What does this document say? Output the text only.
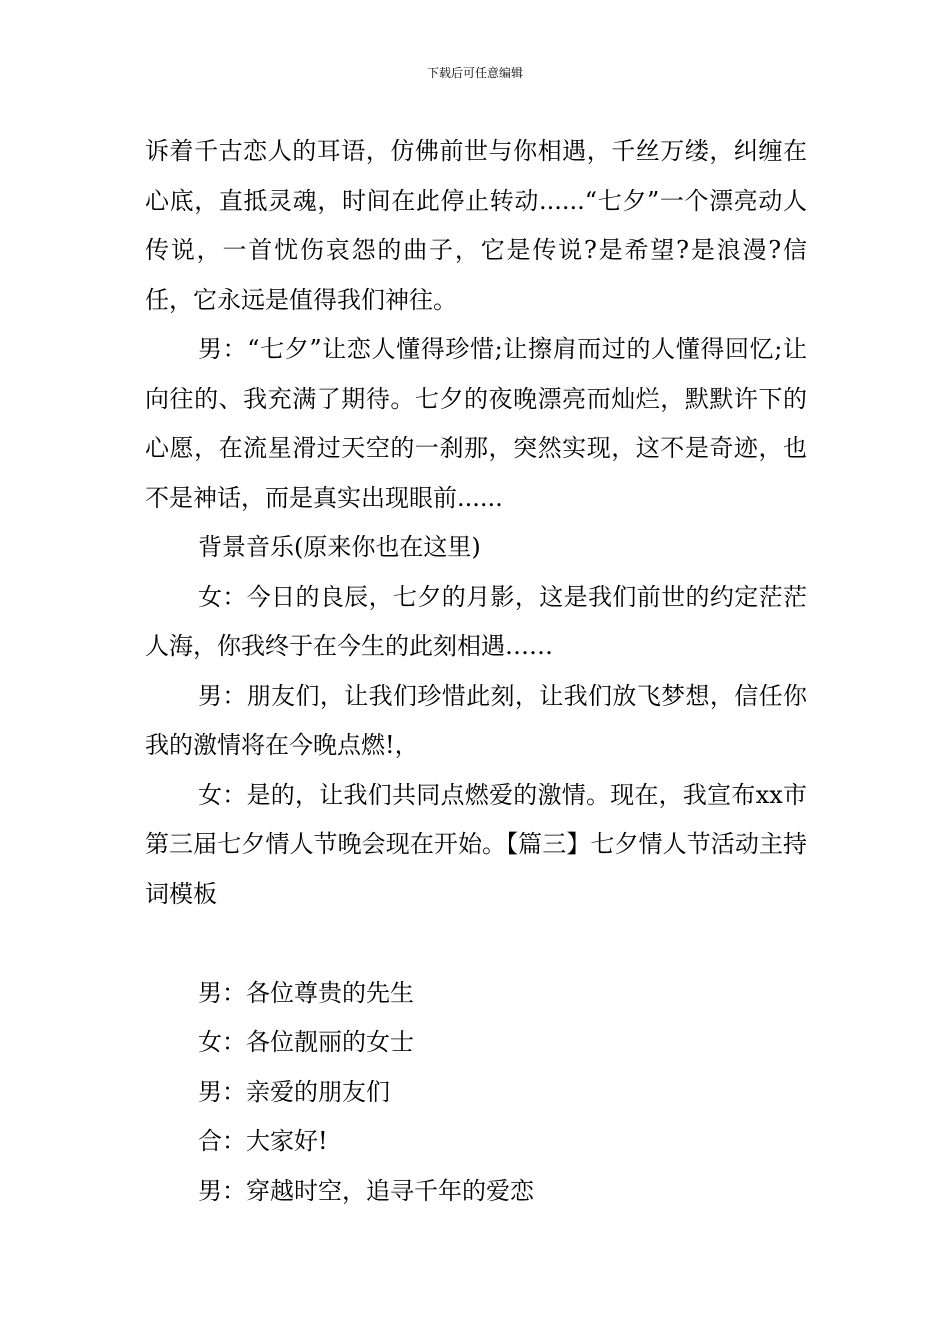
下载后可任意编辑

诉着千古恋人的耳语，仿佛前世与你相遇，千丝万缕，纠缠在心底，直抵灵魂，时间在此停止转动......“七夕”一个漂亮动人传说，一首忧伤哀怨的曲子，它是传说?是希望?是浪漫?信任，它永远是值得我们神往。

男：“七夕”让恋人懂得珍惜;让擦肩而过的人懂得回忆;让向往的、我充满了期待。七夕的夜晚漂亮而灿烂，默默许下的心愿，在流星滑过天空的一刹那，突然实现，这不是奇迹，也不是神话，而是真实出现眼前......

背景音乐(原来你也在这里)

女：今日的良辰，七夕的月影，这是我们前世的约定茫茫人海，你我终于在今生的此刻相遇……

男：朋友们，让我们珍惜此刻，让我们放飞梦想，信任你我的激情将在今晚点燃!，

女：是的，让我们共同点燃爱的激情。现在，我宣布xx市第三届七夕情人节晚会现在开始。【篇三】七夕情人节活动主持词模板

男：各位尊贵的先生

女：各位靓丽的女士

男：亲爱的朋友们

合：大家好!

男：穿越时空，追寻千年的爱恋
